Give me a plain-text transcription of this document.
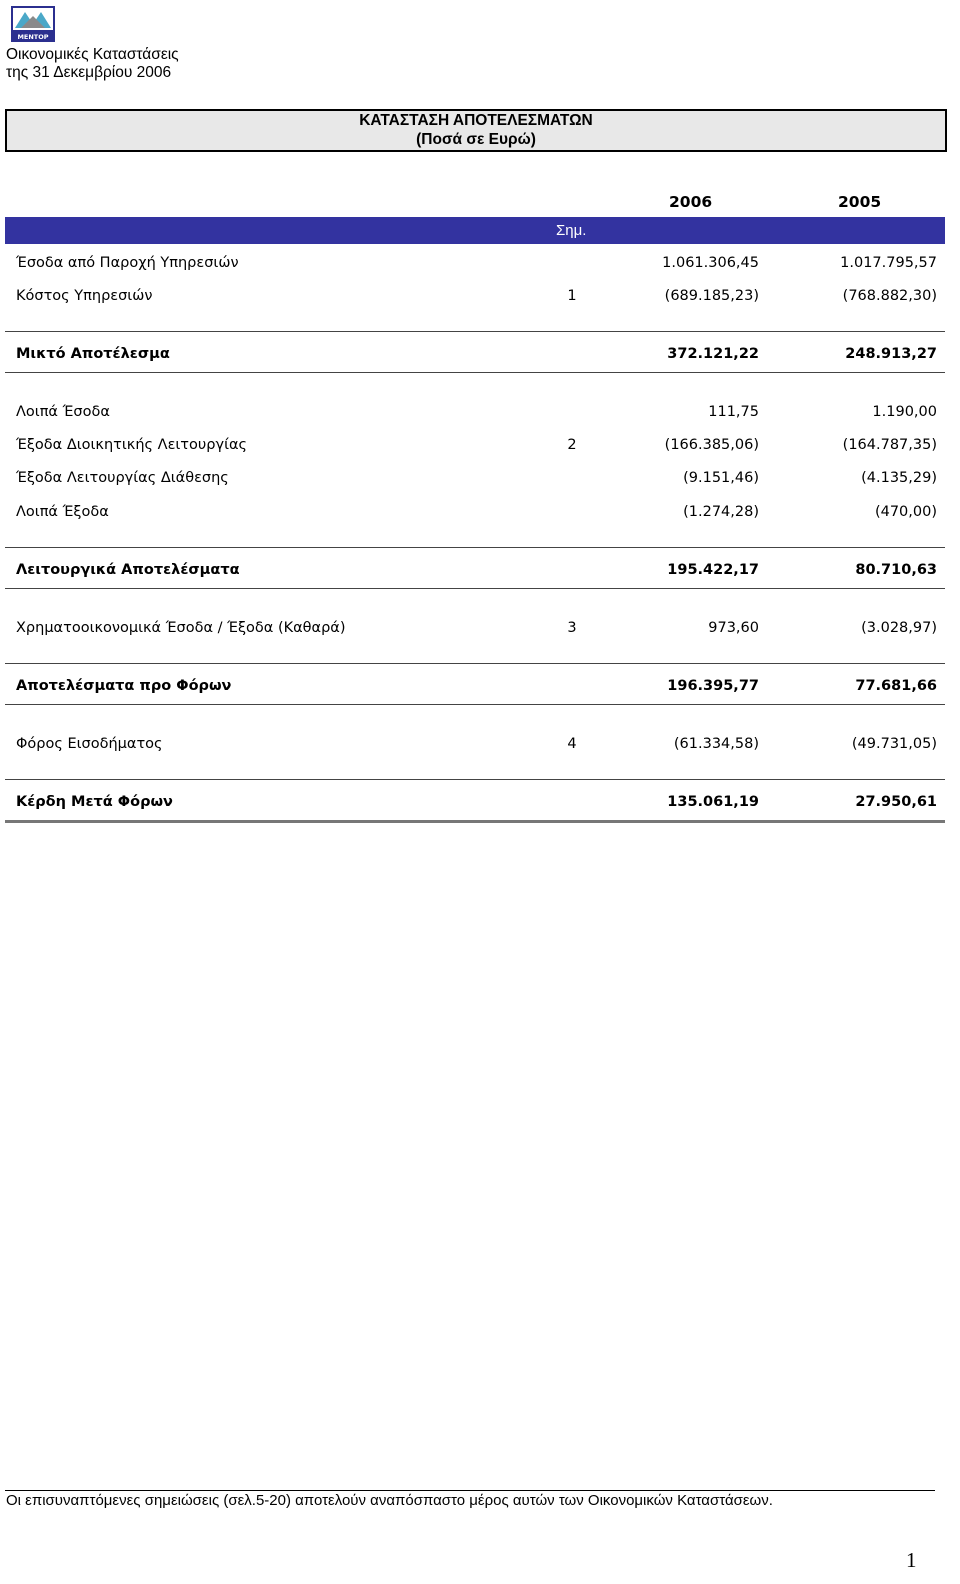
ΜΕΝΤΟΡ
Οικονομικές Καταστάσεις
της 31 Δεκεμβρίου 2006
ΚΑΤΑΣΤΑΣΗ ΑΠΟΤΕΛΕΣΜΑΤΩΝ
(Ποσά σε Ευρώ)
2006	2005
Σημ.
Έσοδα από Παροχή Υπηρεσιών	1.061.306,45	1.017.795,57
Κόστος Υπηρεσιών	1	(689.185,23)	(768.882,30)
Μικτό Αποτέλεσμα	372.121,22	248.913,27
Λοιπά Έσοδα	111,75	1.190,00
Έξοδα Διοικητικής Λειτουργίας	2	(166.385,06)	(164.787,35)
Έξοδα Λειτουργίας Διάθεσης	(9.151,46)	(4.135,29)
Λοιπά Έξοδα	(1.274,28)	(470,00)
Λειτουργικά Αποτελέσματα	195.422,17	80.710,63
Χρηματοοικονομικά Έσοδα / Έξοδα (Καθαρά)	3	973,60	(3.028,97)
Αποτελέσματα προ Φόρων	196.395,77	77.681,66
Φόρος Εισοδήματος	4	(61.334,58)	(49.731,05)
Κέρδη Μετά Φόρων	135.061,19	27.950,61
Οι επισυναπτόμενες σημειώσεις (σελ.5-20) αποτελούν αναπόσπαστο μέρος αυτών των Οικονομικών Καταστάσεων.
1
